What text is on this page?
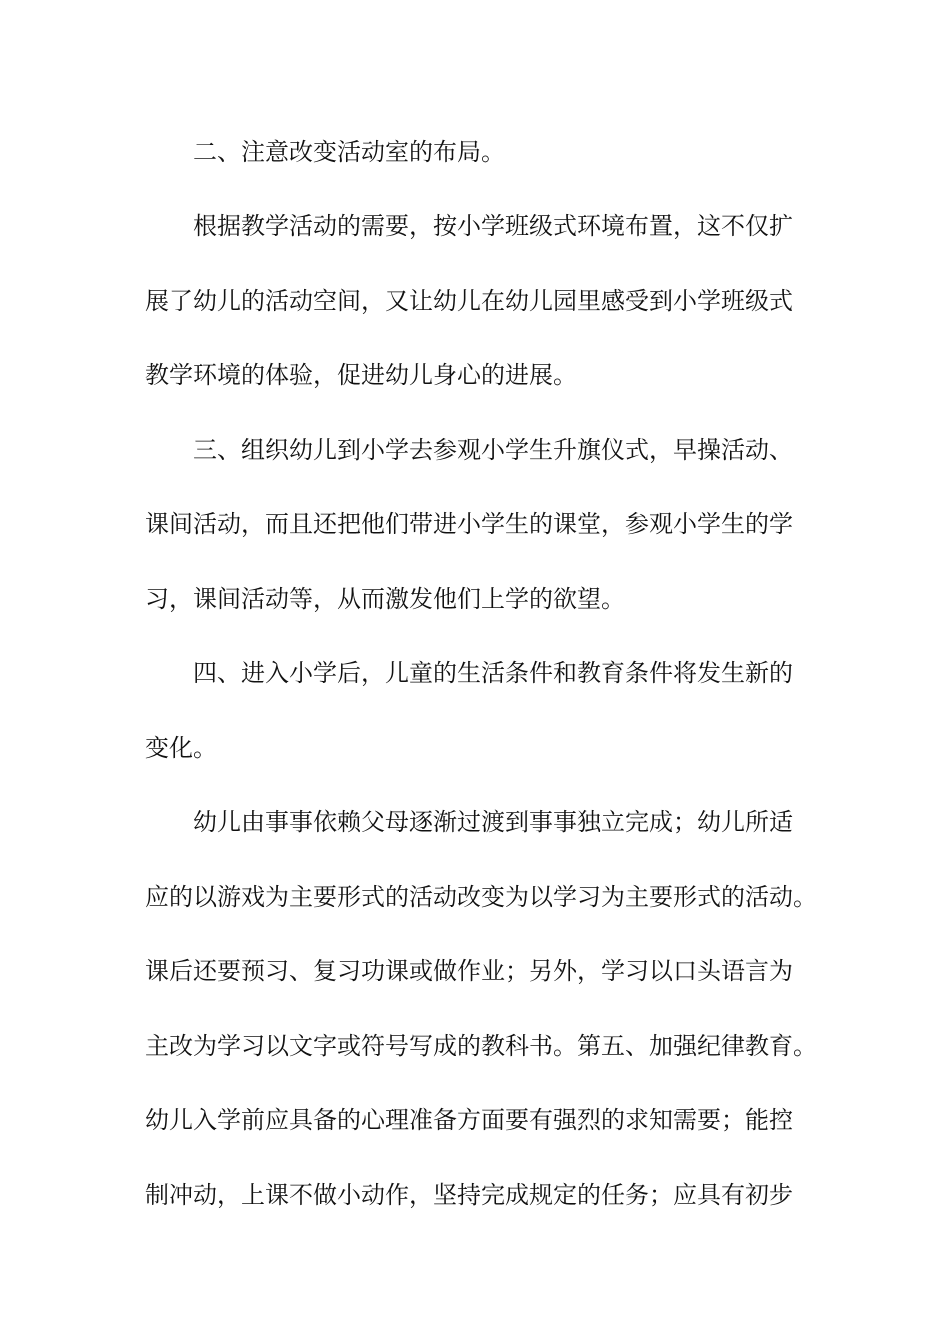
二、注意改变活动室的布局。
根据教学活动的需要，按小学班级式环境布置，这不仅扩
展了幼儿的活动空间，又让幼儿在幼儿园里感受到小学班级式
教学环境的体验，促进幼儿身心的进展。
三、组织幼儿到小学去参观小学生升旗仪式，早操活动、
课间活动，而且还把他们带进小学生的课堂，参观小学生的学
习，课间活动等，从而激发他们上学的欲望。
四、进入小学后，儿童的生活条件和教育条件将发生新的
变化。
幼儿由事事依赖父母逐渐过渡到事事独立完成；幼儿所适
应的以游戏为主要形式的活动改变为以学习为主要形式的活动。
课后还要预习、复习功课或做作业；另外，学习以口头语言为
主改为学习以文字或符号写成的教科书。第五、加强纪律教育。
幼儿入学前应具备的心理准备方面要有强烈的求知需要；能控
制冲动，上课不做小动作，坚持完成规定的任务；应具有初步
